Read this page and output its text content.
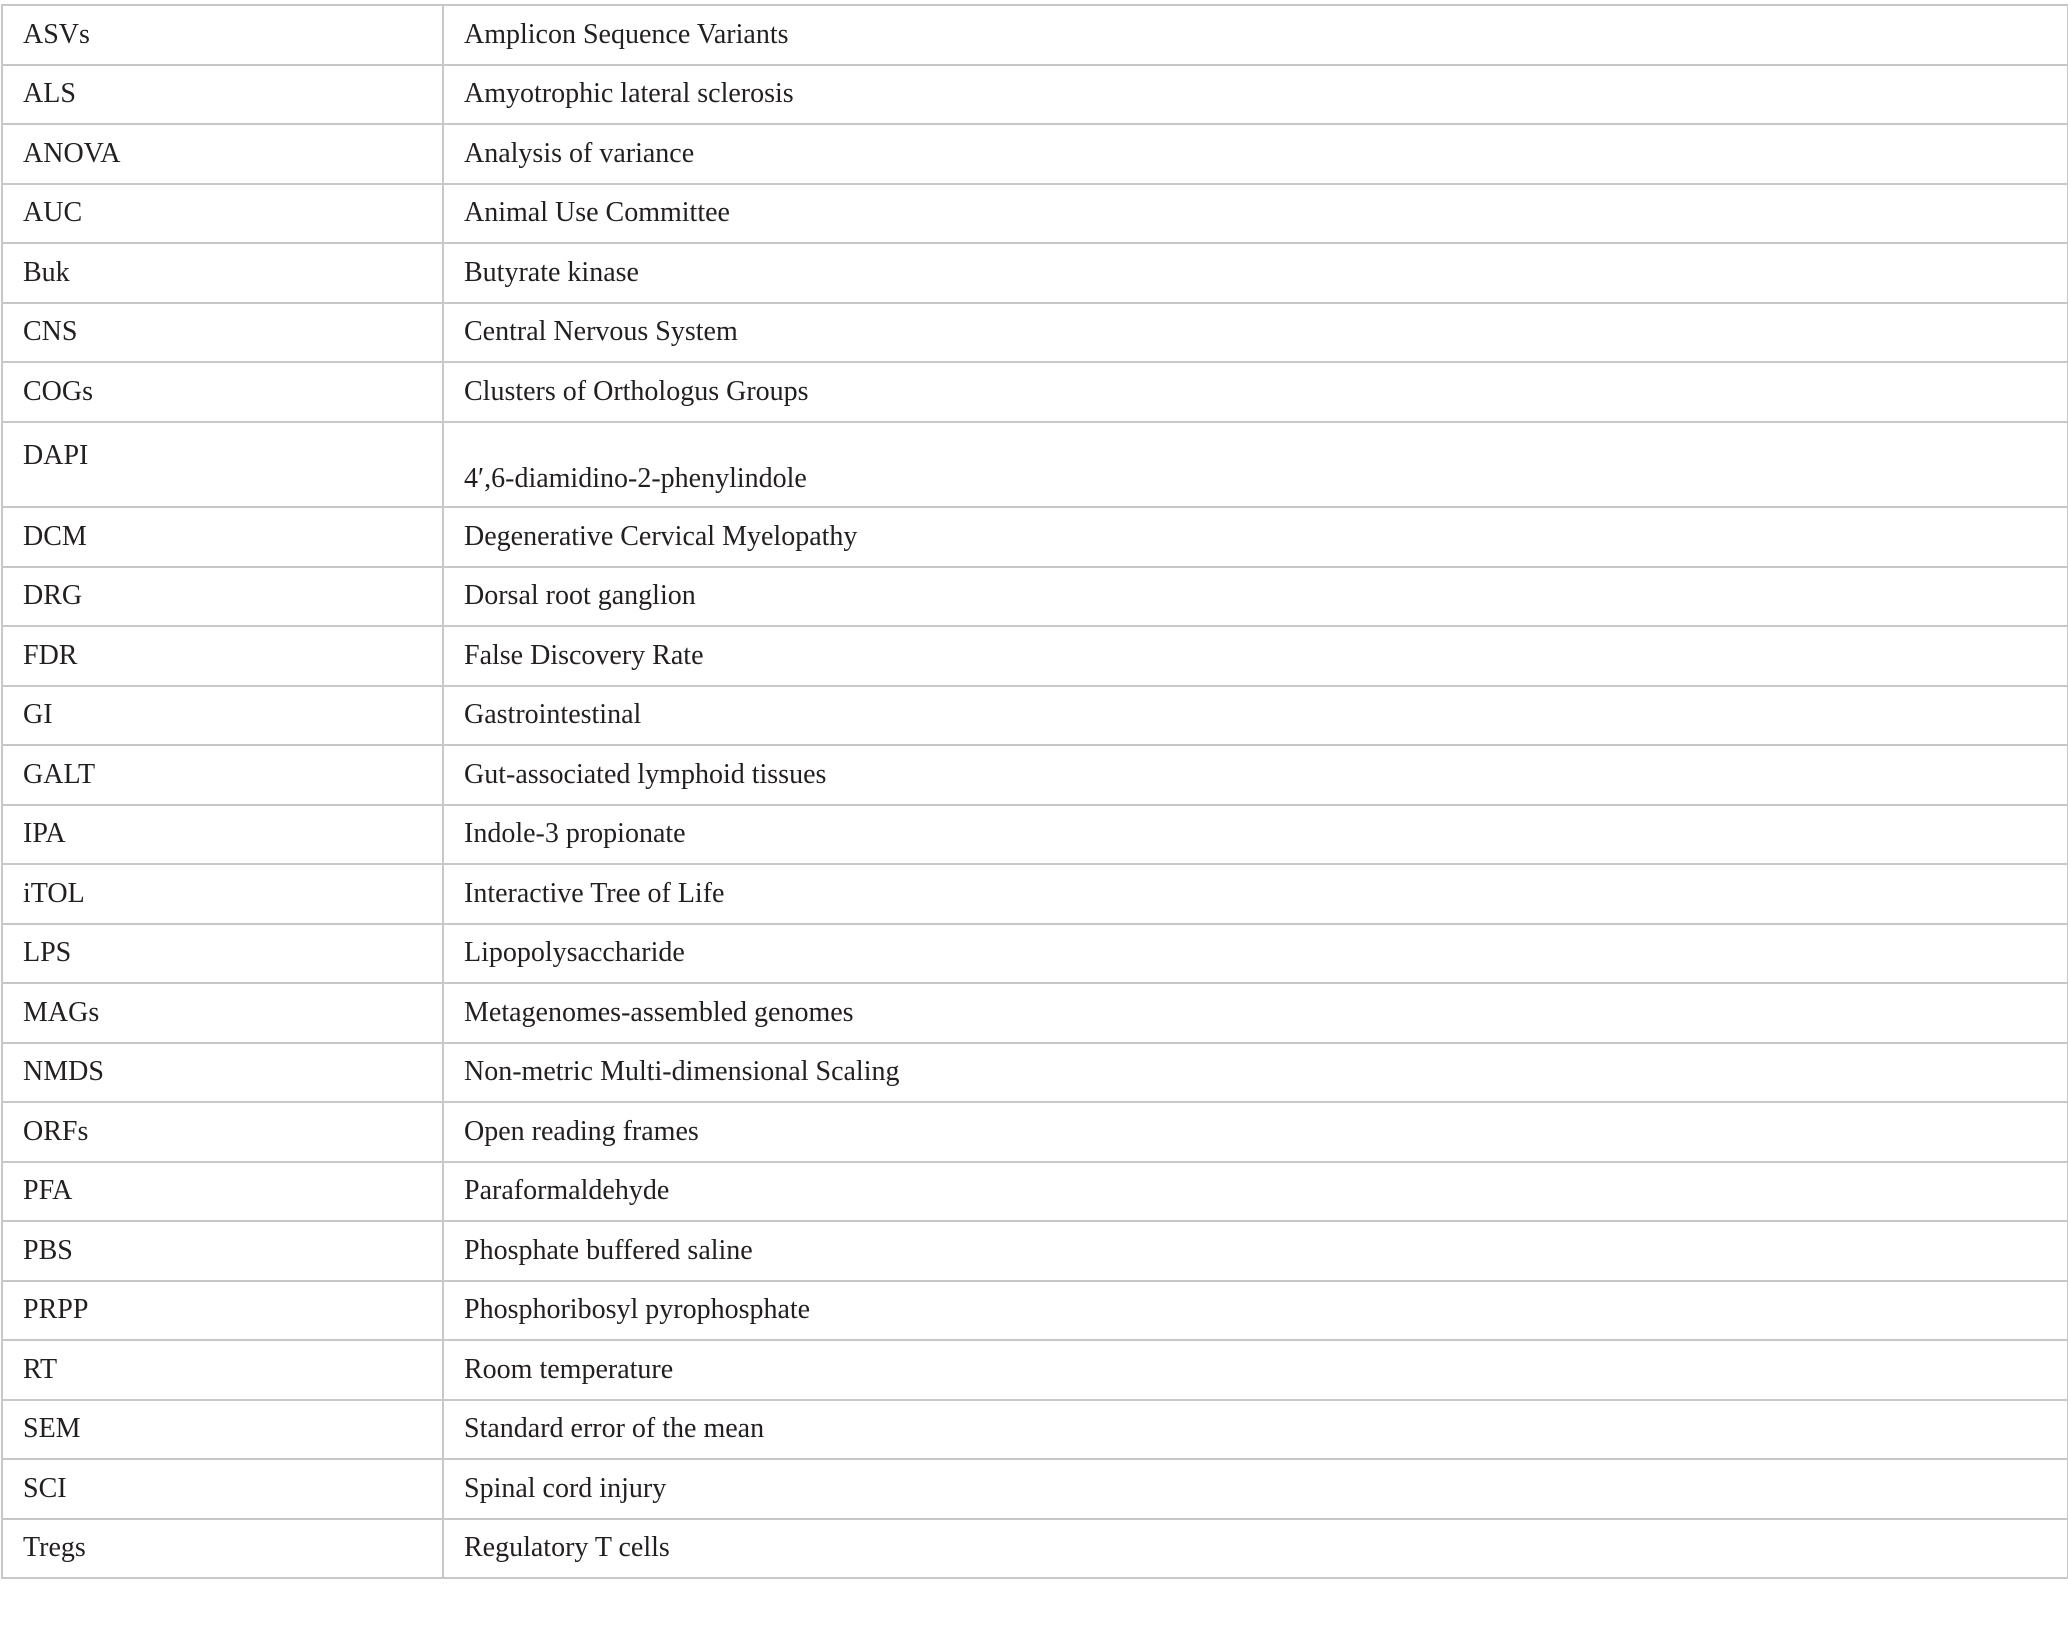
ASVs	Amplicon Sequence Variants
ALS	Amyotrophic lateral sclerosis
ANOVA	Analysis of variance
AUC	Animal Use Committee
Buk	Butyrate kinase
CNS	Central Nervous System
COGs	Clusters of Orthologus Groups
DAPI	4′,6-diamidino-2-phenylindole
DCM	Degenerative Cervical Myelopathy
DRG	Dorsal root ganglion
FDR	False Discovery Rate
GI	Gastrointestinal
GALT	Gut-associated lymphoid tissues
IPA	Indole-3 propionate
iTOL	Interactive Tree of Life
LPS	Lipopolysaccharide
MAGs	Metagenomes-assembled genomes
NMDS	Non-metric Multi-dimensional Scaling
ORFs	Open reading frames
PFA	Paraformaldehyde
PBS	Phosphate buffered saline
PRPP	Phosphoribosyl pyrophosphate
RT	Room temperature
SEM	Standard error of the mean
SCI	Spinal cord injury
Tregs	Regulatory T cells
